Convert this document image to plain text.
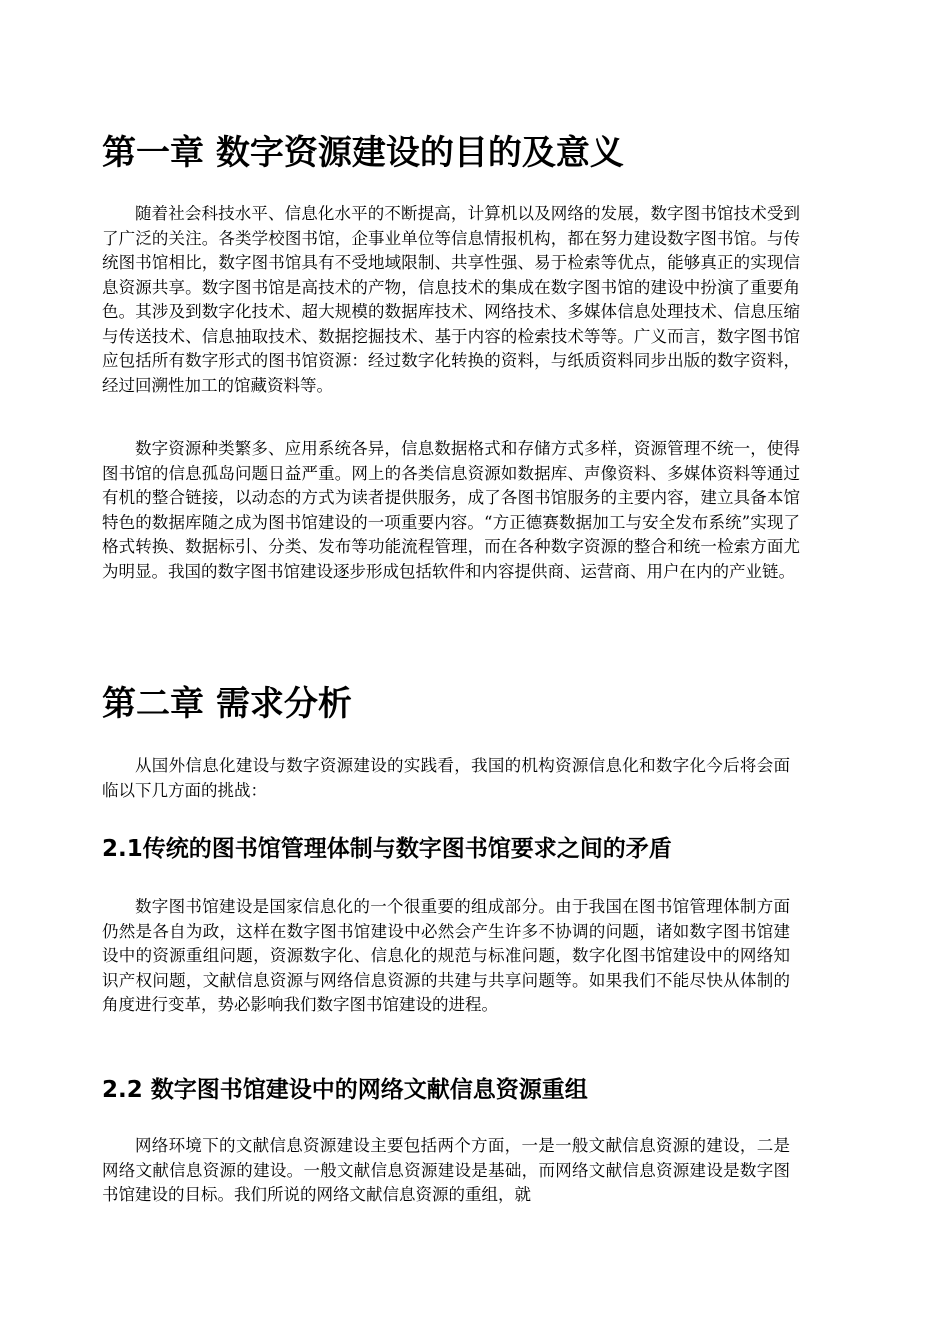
第一章 数字资源建设的目的及意义

随着社会科技水平、信息化水平的不断提高，计算机以及网络的发展，数字图书馆技术受到了广泛的关注。各类学校图书馆，企事业单位等信息情报机构，都在努力建设数字图书馆。与传统图书馆相比，数字图书馆具有不受地域限制、共享性强、易于检索等优点，能够真正的实现信息资源共享。数字图书馆是高技术的产物，信息技术的集成在数字图书馆的建设中扮演了重要角色。其涉及到数字化技术、超大规模的数据库技术、网络技术、多媒体信息处理技术、信息压缩与传送技术、信息抽取技术、数据挖掘技术、基于内容的检索技术等等。广义而言，数字图书馆应包括所有数字形式的图书馆资源：经过数字化转换的资料，与纸质资料同步出版的数字资料，经过回溯性加工的馆藏资料等。

数字资源种类繁多、应用系统各异，信息数据格式和存储方式多样，资源管理不统一，使得图书馆的信息孤岛问题日益严重。网上的各类信息资源如数据库、声像资料、多媒体资料等通过有机的整合链接，以动态的方式为读者提供服务，成了各图书馆服务的主要内容，建立具备本馆特色的数据库随之成为图书馆建设的一项重要内容。“方正德赛数据加工与安全发布系统”实现了格式转换、数据标引、分类、发布等功能流程管理，而在各种数字资源的整合和统一检索方面尤为明显。我国的数字图书馆建设逐步形成包括软件和内容提供商、运营商、用户在内的产业链。

第二章 需求分析

从国外信息化建设与数字资源建设的实践看，我国的机构资源信息化和数字化今后将会面临以下几方面的挑战：

2.1传统的图书馆管理体制与数字图书馆要求之间的矛盾

数字图书馆建设是国家信息化的一个很重要的组成部分。由于我国在图书馆管理体制方面仍然是各自为政，这样在数字图书馆建设中必然会产生许多不协调的问题，诸如数字图书馆建设中的资源重组问题，资源数字化、信息化的规范与标准问题，数字化图书馆建设中的网络知识产权问题，文献信息资源与网络信息资源的共建与共享问题等。如果我们不能尽快从体制的角度进行变革，势必影响我们数字图书馆建设的进程。

2.2 数字图书馆建设中的网络文献信息资源重组

网络环境下的文献信息资源建设主要包括两个方面，一是一般文献信息资源的建设，二是网络文献信息资源的建设。一般文献信息资源建设是基础，而网络文献信息资源建设是数字图书馆建设的目标。我们所说的网络文献信息资源的重组，就
